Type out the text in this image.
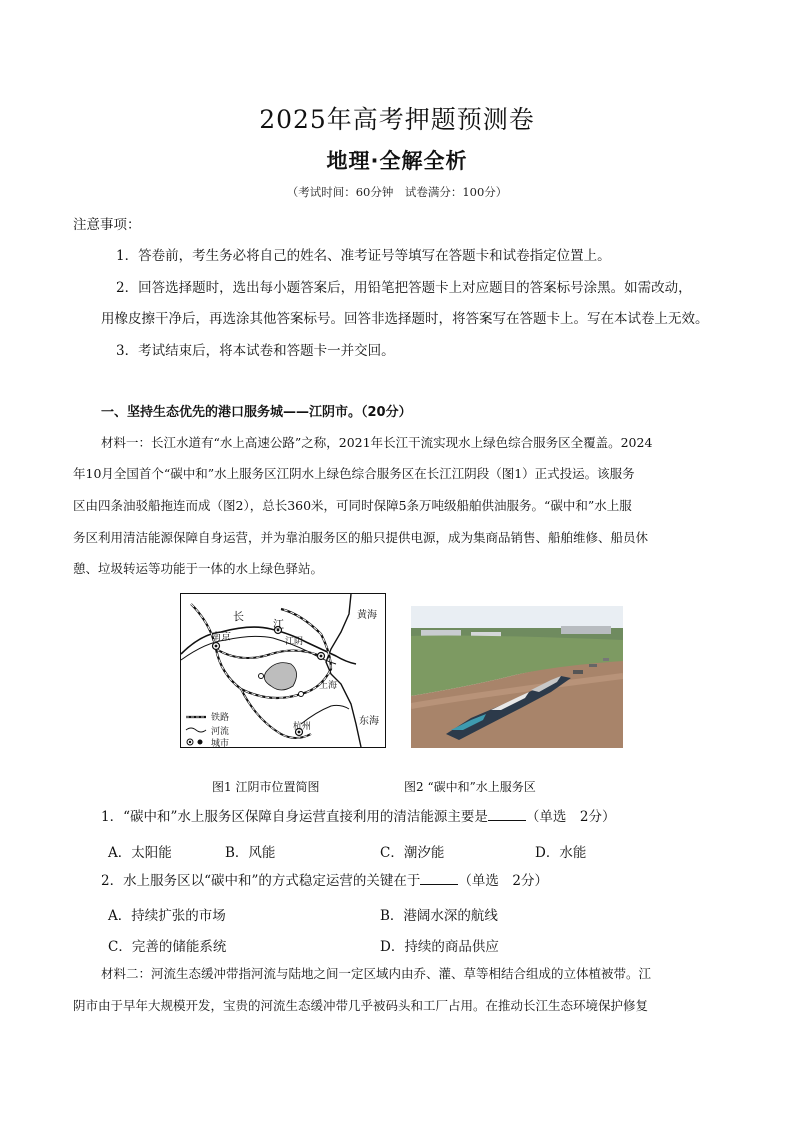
2025年高考押题预测卷
地理·全解全析
（考试时间：60分钟　试卷满分：100分）
注意事项：
1．答卷前，考生务必将自己的姓名、准考证号等填写在答题卡和试卷指定位置上。
2．回答选择题时，选出每小题答案后，用铅笔把答题卡上对应题目的答案标号涂黑。如需改动，
用橡皮擦干净后，再选涂其他答案标号。回答非选择题时，将答案写在答题卡上。写在本试卷上无效。
3．考试结束后，将本试卷和答题卡一并交回。
一、坚持生态优先的港口服务城——江阴市。（20分）
材料一：长江水道有“水上高速公路”之称，2021年长江干流实现水上绿色综合服务区全覆盖。2024
年10月全国首个“碳中和”水上服务区江阴水上绿色综合服务区在长江江阴段（图1）正式投运。该服务
区由四条油驳船拖连而成（图2），总长360米，可同时保障5条万吨级船舶供油服务。“碳中和”水上服
务区利用清洁能源保障自身运营，并为靠泊服务区的船只提供电源，成为集商品销售、船舶维修、船员休
憩、垃圾转运等功能于一体的水上绿色驿站。
长
江
黄海
南京	江阴
上海
东海
杭州
铁路
河流
城市
图1 江阴市位置简图	图2 “碳中和”水上服务区
1．“碳中和”水上服务区保障自身运营直接利用的清洁能源主要是	（单选　2分）
A．太阳能	B．风能	C．潮汐能	D．水能
2．水上服务区以“碳中和”的方式稳定运营的关键在于	（单选　2分）
A．持续扩张的市场	B．港阔水深的航线
C．完善的储能系统	D．持续的商品供应
材料二：河流生态缓冲带指河流与陆地之间一定区域内由乔、灌、草等相结合组成的立体植被带。江
阴市由于早年大规模开发，宝贵的河流生态缓冲带几乎被码头和工厂占用。在推动长江生态环境保护修复
